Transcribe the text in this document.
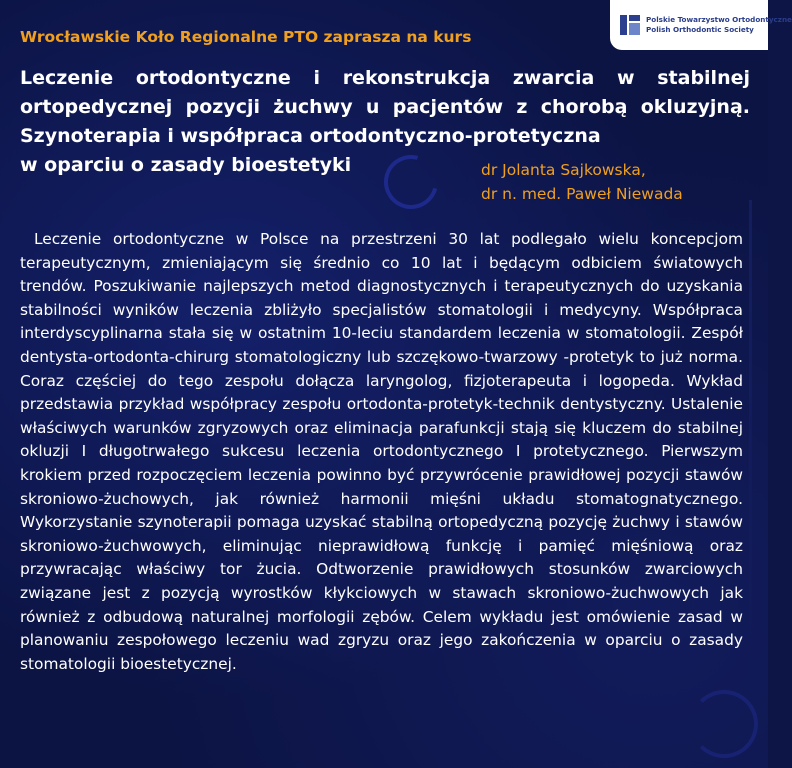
Polskie Towarzystwo Ortodontyczne
Polish Orthodontic Society
Wrocławskie Koło Regionalne PTO zaprasza na kurs
Leczenie ortodontyczne i rekonstrukcja zwarcia w stabilnej
ortopedycznej pozycji żuchwy u pacjentów z chorobą okluzyjną.
Szynoterapia i współpraca ortodontyczno-protetyczna
w oparciu o zasady bioestetyki	dr Jolanta Sajkowska,
dr n. med. Paweł Niewada

Leczenie ortodontyczne w Polsce na przestrzeni 30 lat podlegało wielu koncepcjom terapeutycznym, zmieniającym się średnio co 10 lat i będącym odbiciem światowych trendów. Poszukiwanie najlepszych metod diagnostycznych i terapeutycznych do uzyskania stabilności wyników leczenia zbliżyło specjalistów stomatologii i medycyny. Współpraca interdyscyplinarna stała się w ostatnim 10-leciu standardem leczenia w stomatologii. Zespół dentysta-ortodonta-chirurg stomatologiczny lub szczękowo-twarzowy -protetyk to już norma. Coraz częściej do tego zespołu dołącza laryngolog, fizjoterapeuta i logopeda. Wykład przedstawia przykład współpracy zespołu ortodonta-protetyk-technik dentystyczny. Ustalenie właściwych warunków zgryzowych oraz eliminacja parafunkcji stają się kluczem do stabilnej okluzji I długotrwałego sukcesu leczenia ortodontycznego I protetycznego. Pierwszym krokiem przed rozpoczęciem leczenia powinno być przywrócenie prawidłowej pozycji stawów skroniowo-żuchowych, jak również harmonii mięśni układu stomatognatycznego. Wykorzystanie szynoterapii pomaga uzyskać stabilną ortopedyczną pozycję żuchwy i stawów skroniowo-żuchwowych, eliminując nieprawidłową funkcję i pamięć mięśniową oraz przywracając właściwy tor żucia. Odtworzenie prawidłowych stosunków zwarciowych związane jest z pozycją wyrostków kłykciowych w stawach skroniowo-żuchwowych jak również z odbudową naturalnej morfologii zębów. Celem wykładu jest omówienie zasad w planowaniu zespołowego leczeniu wad zgryzu oraz jego zakończenia w oparciu o zasady stomatologii bioestetycznej.
